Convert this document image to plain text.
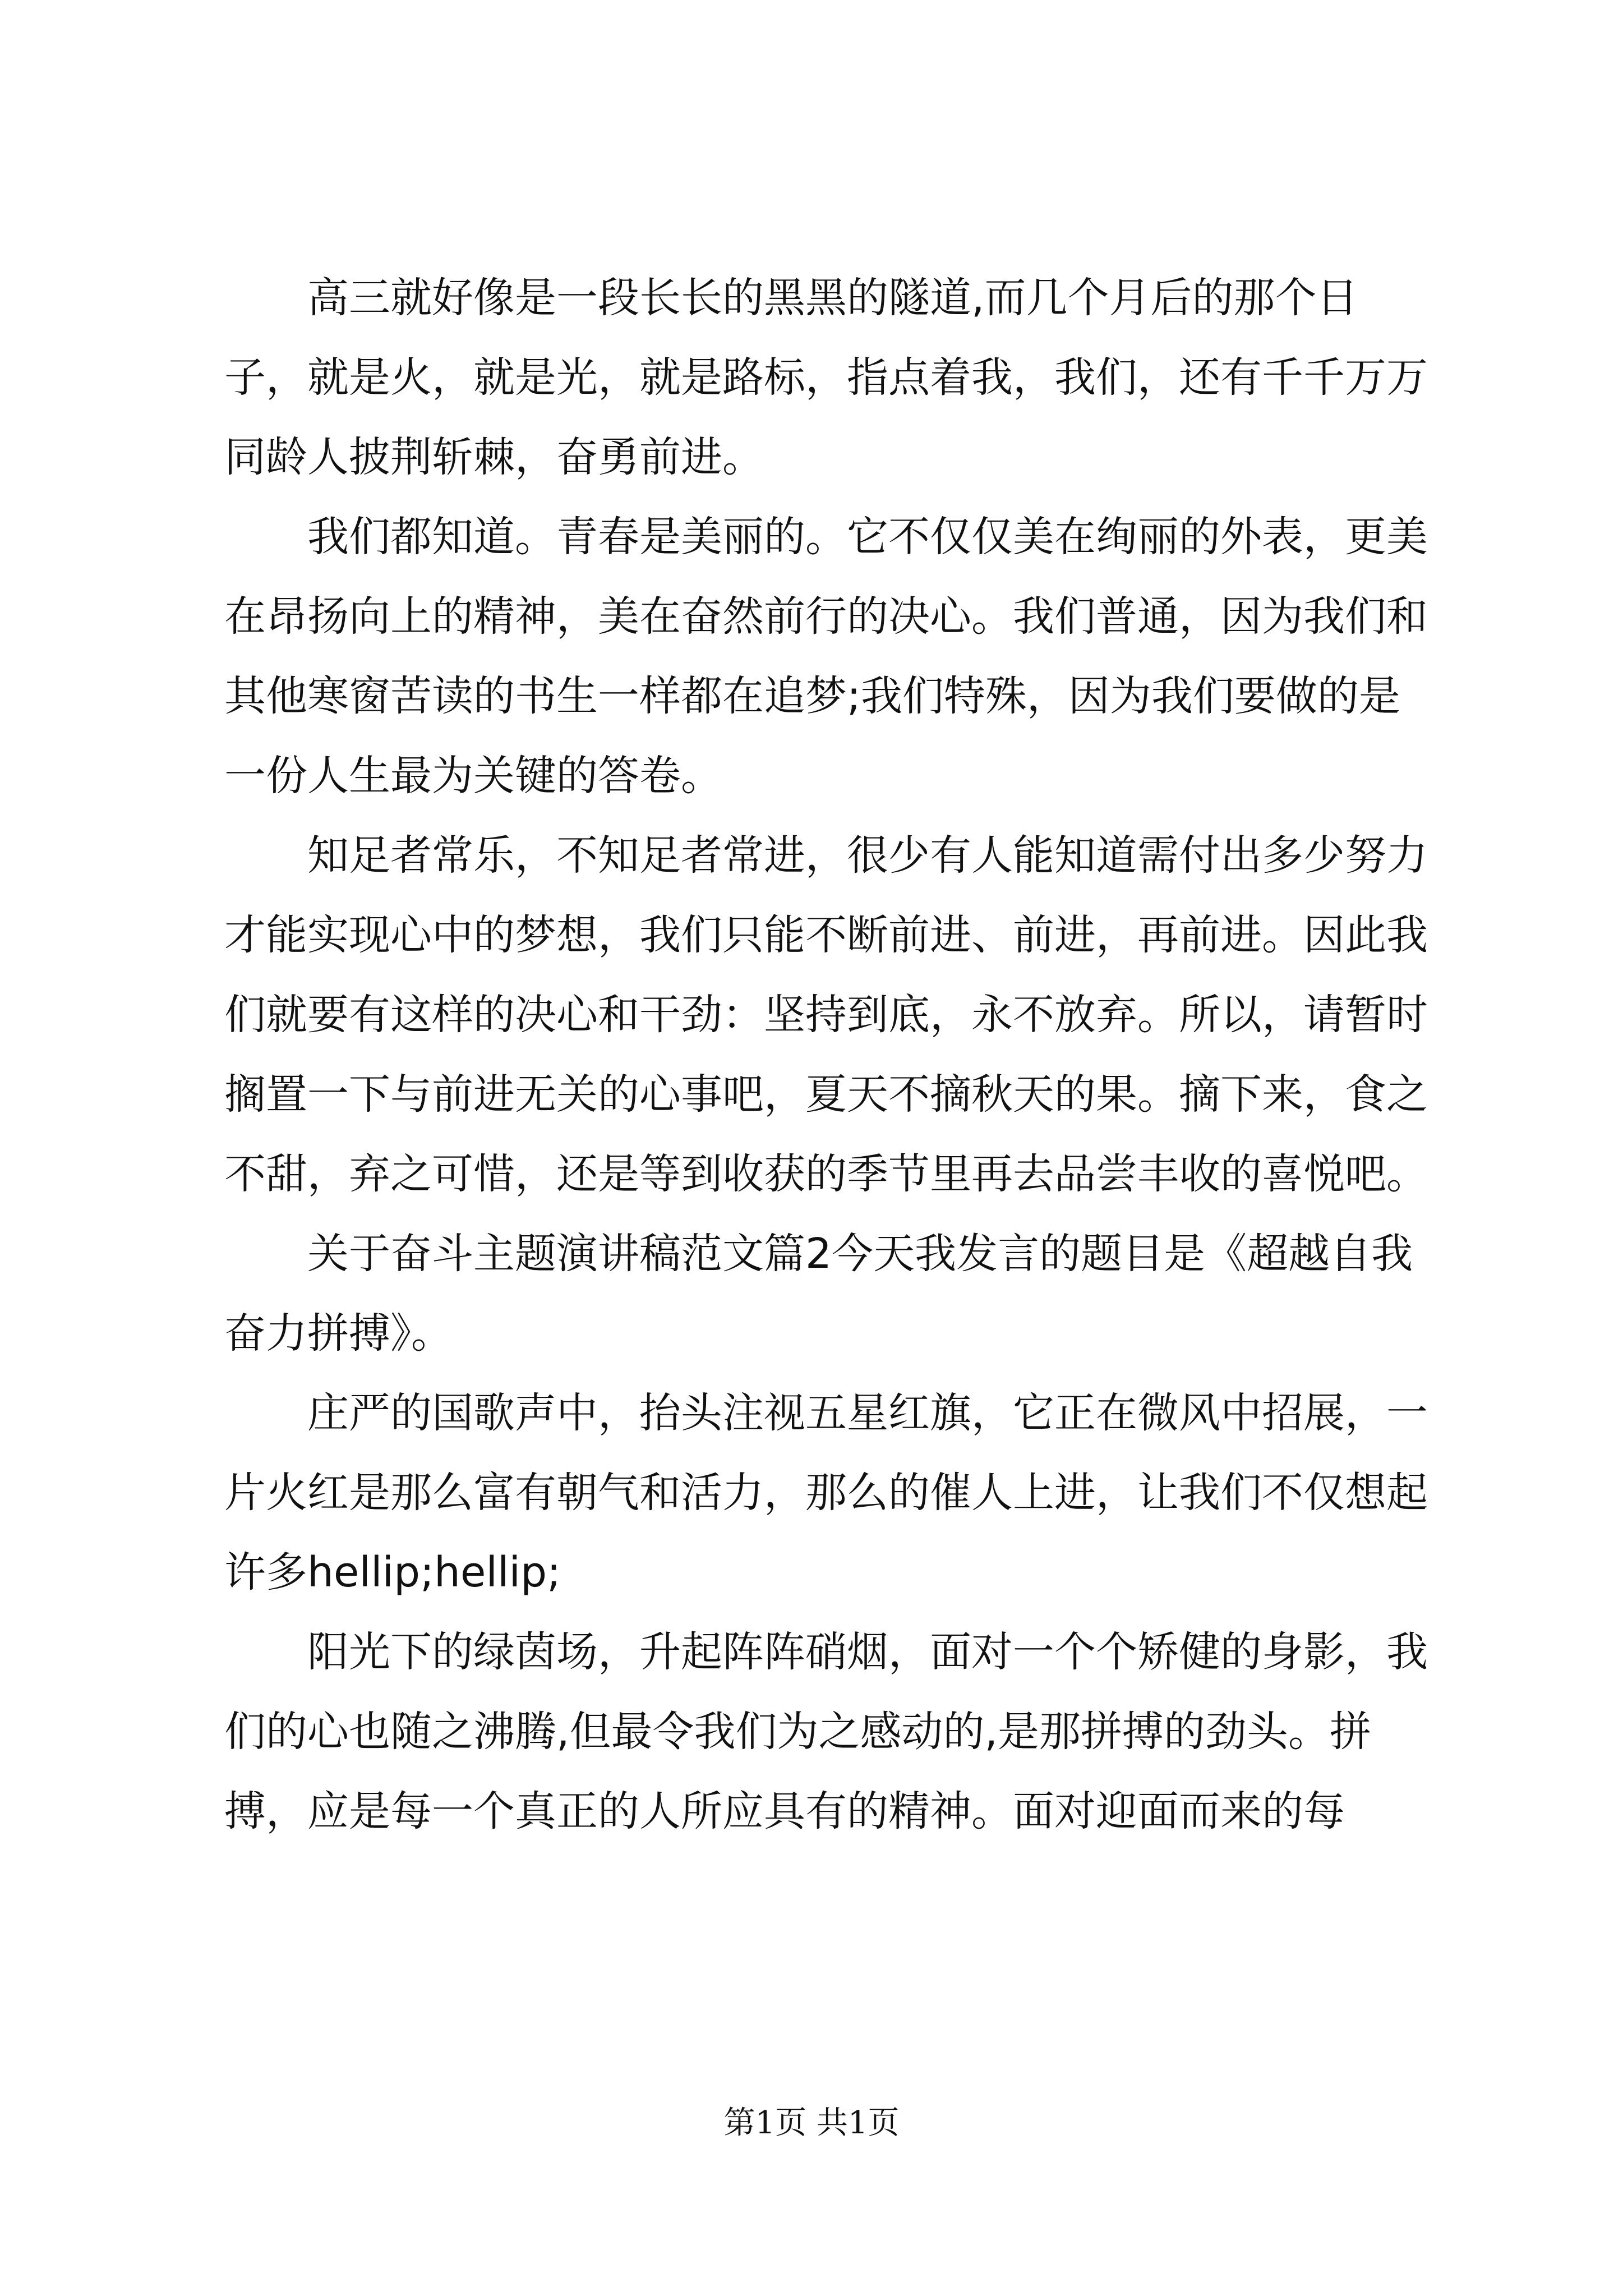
高三就好像是一段长长的黑黑的隧道,而几个月后的那个日子，就是火，就是光，就是路标，指点着我，我们，还有千千万万同龄人披荆斩棘，奋勇前进。

我们都知道。青春是美丽的。它不仅仅美在绚丽的外表，更美在昂扬向上的精神，美在奋然前行的决心。我们普通，因为我们和其他寒窗苦读的书生一样都在追梦;我们特殊，因为我们要做的是一份人生最为关键的答卷。

知足者常乐，不知足者常进，很少有人能知道需付出多少努力才能实现心中的梦想，我们只能不断前进、前进，再前进。因此我们就要有这样的决心和干劲：坚持到底，永不放弃。所以，请暂时搁置一下与前进无关的心事吧，夏天不摘秋天的果。摘下来，食之不甜，弃之可惜，还是等到收获的季节里再去品尝丰收的喜悦吧。

关于奋斗主题演讲稿范文篇2今天我发言的题目是《超越自我奋力拼搏》。

庄严的国歌声中，抬头注视五星红旗，它正在微风中招展，一片火红是那么富有朝气和活力，那么的催人上进，让我们不仅想起许多hellip;hellip;

阳光下的绿茵场，升起阵阵硝烟，面对一个个矫健的身影，我们的心也随之沸腾,但最令我们为之感动的,是那拼搏的劲头。拼搏，应是每一个真正的人所应具有的精神。面对迎面而来的每

第1页 共1页
